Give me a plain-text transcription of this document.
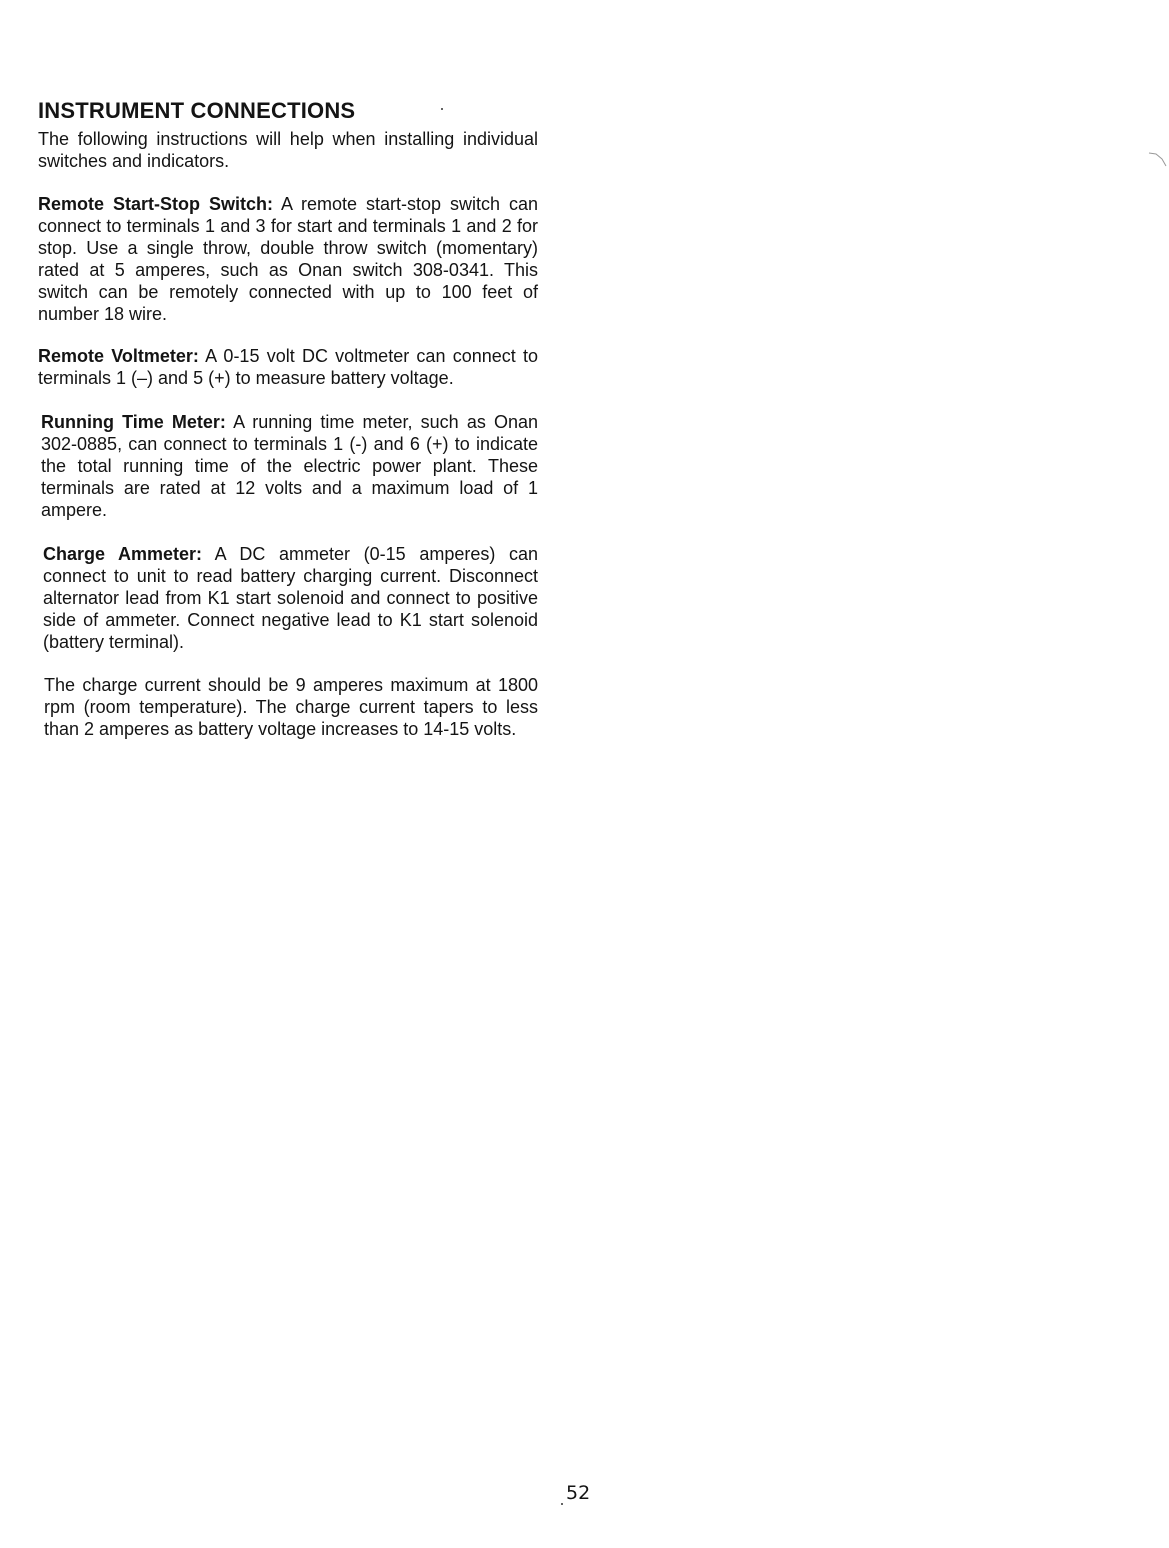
INSTRUMENT CONNECTIONS

The following instructions will help when installing individual switches and indicators.

Remote Start-Stop Switch: A remote start-stop switch can connect to terminals 1 and 3 for start and terminals 1 and 2 for stop. Use a single throw, double throw switch (momentary) rated at 5 amperes, such as Onan switch 308-0341. This switch can be remotely connected with up to 100 feet of number 18 wire.

Remote Voltmeter: A 0-15 volt DC voltmeter can connect to terminals 1 (–) and 5 (+) to measure battery voltage.

Running Time Meter: A running time meter, such as Onan 302-0885, can connect to terminals 1 (-) and 6 (+) to indicate the total running time of the electric power plant. These terminals are rated at 12 volts and a maximum load of 1 ampere.

Charge Ammeter: A DC ammeter (0-15 amperes) can connect to unit to read battery charging current. Disconnect alternator lead from K1 start solenoid and connect to positive side of ammeter. Connect negative lead to K1 start solenoid (battery terminal).

The charge current should be 9 amperes maximum at 1800 rpm (room temperature). The charge current tapers to less than 2 amperes as battery voltage increases to 14-15 volts.

52
